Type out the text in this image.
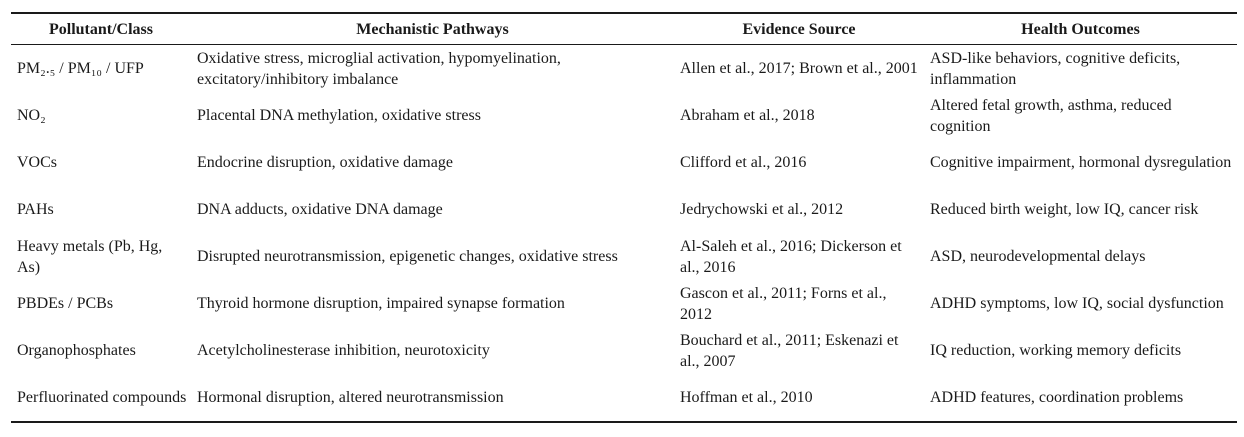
Pollutant/Class	Mechanistic Pathways	Evidence Source	Health Outcomes
PM₂.₅ / PM₁₀ / UFP	Oxidative stress, microglial activation, hypomyelination, excitatory/inhibitory imbalance	Allen et al., 2017; Brown et al., 2001	ASD-like behaviors, cognitive deficits, inflammation
NO₂	Placental DNA methylation, oxidative stress	Abraham et al., 2018	Altered fetal growth, asthma, reduced cognition
VOCs	Endocrine disruption, oxidative damage	Clifford et al., 2016	Cognitive impairment, hormonal dysregulation
PAHs	DNA adducts, oxidative DNA damage	Jedrychowski et al., 2012	Reduced birth weight, low IQ, cancer risk
Heavy metals (Pb, Hg, As)	Disrupted neurotransmission, epigenetic changes, oxidative stress	Al-Saleh et al., 2016; Dickerson et al., 2016	ASD, neurodevelopmental delays
PBDEs / PCBs	Thyroid hormone disruption, impaired synapse formation	Gascon et al., 2011; Forns et al., 2012	ADHD symptoms, low IQ, social dysfunction
Organophosphates	Acetylcholinesterase inhibition, neurotoxicity	Bouchard et al., 2011; Eskenazi et al., 2007	IQ reduction, working memory deficits
Perfluorinated compounds	Hormonal disruption, altered neurotransmission	Hoffman et al., 2010	ADHD features, coordination problems
